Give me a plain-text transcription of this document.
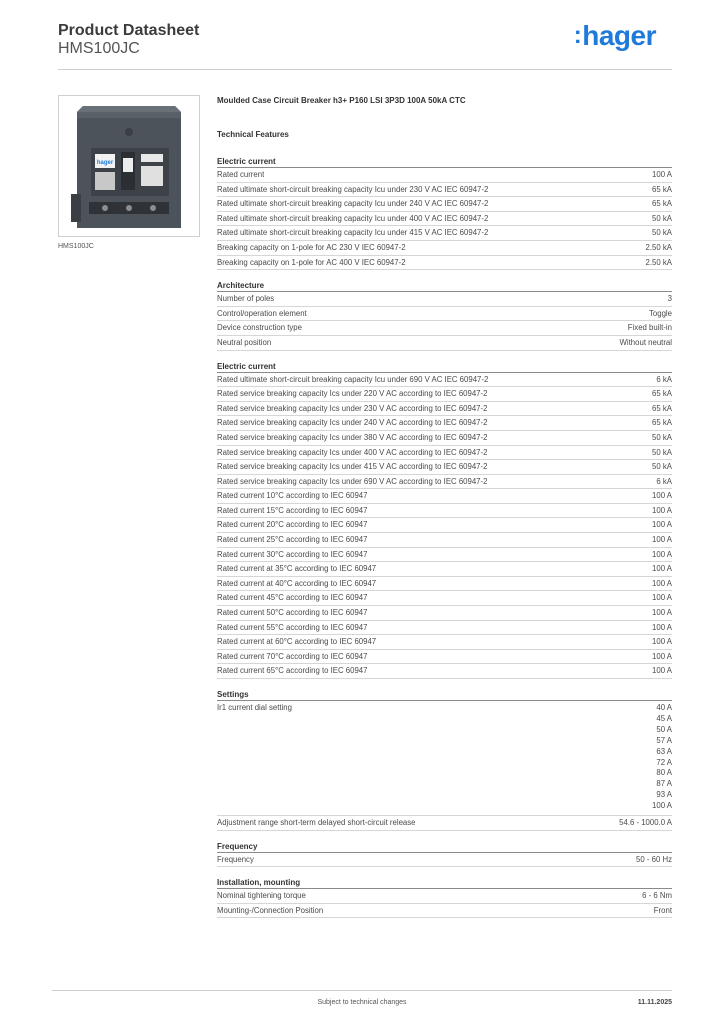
Product Datasheet
HMS100JC	:hager
hager
HMS100JC
Moulded Case Circuit Breaker h3+ P160 LSI 3P3D 100A 50kA CTC
Technical Features
Electric current
Rated current	100 A
Rated ultimate short-circuit breaking capacity Icu under 230 V AC IEC 60947-2	65 kA
Rated ultimate short-circuit breaking capacity Icu under 240 V AC IEC 60947-2	65 kA
Rated ultimate short-circuit breaking capacity Icu under 400 V AC IEC 60947-2	50 kA
Rated ultimate short-circuit breaking capacity Icu under 415 V AC IEC 60947-2	50 kA
Breaking capacity on 1-pole for AC 230 V IEC 60947-2	2.50 kA
Breaking capacity on 1-pole for AC 400 V IEC 60947-2	2.50 kA
Architecture
Number of poles	3
Control/operation element	Toggle
Device construction type	Fixed built-in
Neutral position	Without neutral
Electric current
Rated ultimate short-circuit breaking capacity Icu under 690 V AC IEC 60947-2	6 kA
Rated service breaking capacity Ics under 220 V AC according to IEC 60947-2	65 kA
Rated service breaking capacity Ics under 230 V AC according to IEC 60947-2	65 kA
Rated service breaking capacity Ics under 240 V AC according to IEC 60947-2	65 kA
Rated service breaking capacity Ics under 380 V AC according to IEC 60947-2	50 kA
Rated service breaking capacity Ics under 400 V AC according to IEC 60947-2	50 kA
Rated service breaking capacity Ics under 415 V AC according to IEC 60947-2	50 kA
Rated service breaking capacity Ics under 690 V AC according to IEC 60947-2	6 kA
Rated current 10°C according to IEC 60947	100 A
Rated current 15°C according to IEC 60947	100 A
Rated current 20°C according to IEC 60947	100 A
Rated current 25°C according to IEC 60947	100 A
Rated current 30°C according to IEC 60947	100 A
Rated current at 35°C according to IEC 60947	100 A
Rated current at 40°C according to IEC 60947	100 A
Rated current 45°C according to IEC 60947	100 A
Rated current 50°C according to IEC 60947	100 A
Rated current 55°C according to IEC 60947	100 A
Rated current at 60°C according to IEC 60947	100 A
Rated current 70°C according to IEC 60947	100 A
Rated current 65°C according to IEC 60947	100 A
Settings
Ir1 current dial setting	40 A
45 A
50 A
57 A
63 A
72 A
80 A
87 A
93 A
100 A
Adjustment range short-term delayed short-circuit release	54.6 - 1000.0 A
Frequency
Frequency	50 - 60 Hz
Installation, mounting
Nominal tightening torque	6 - 6 Nm
Mounting-/Connection Position	Front
Subject to technical changes	11.11.2025
